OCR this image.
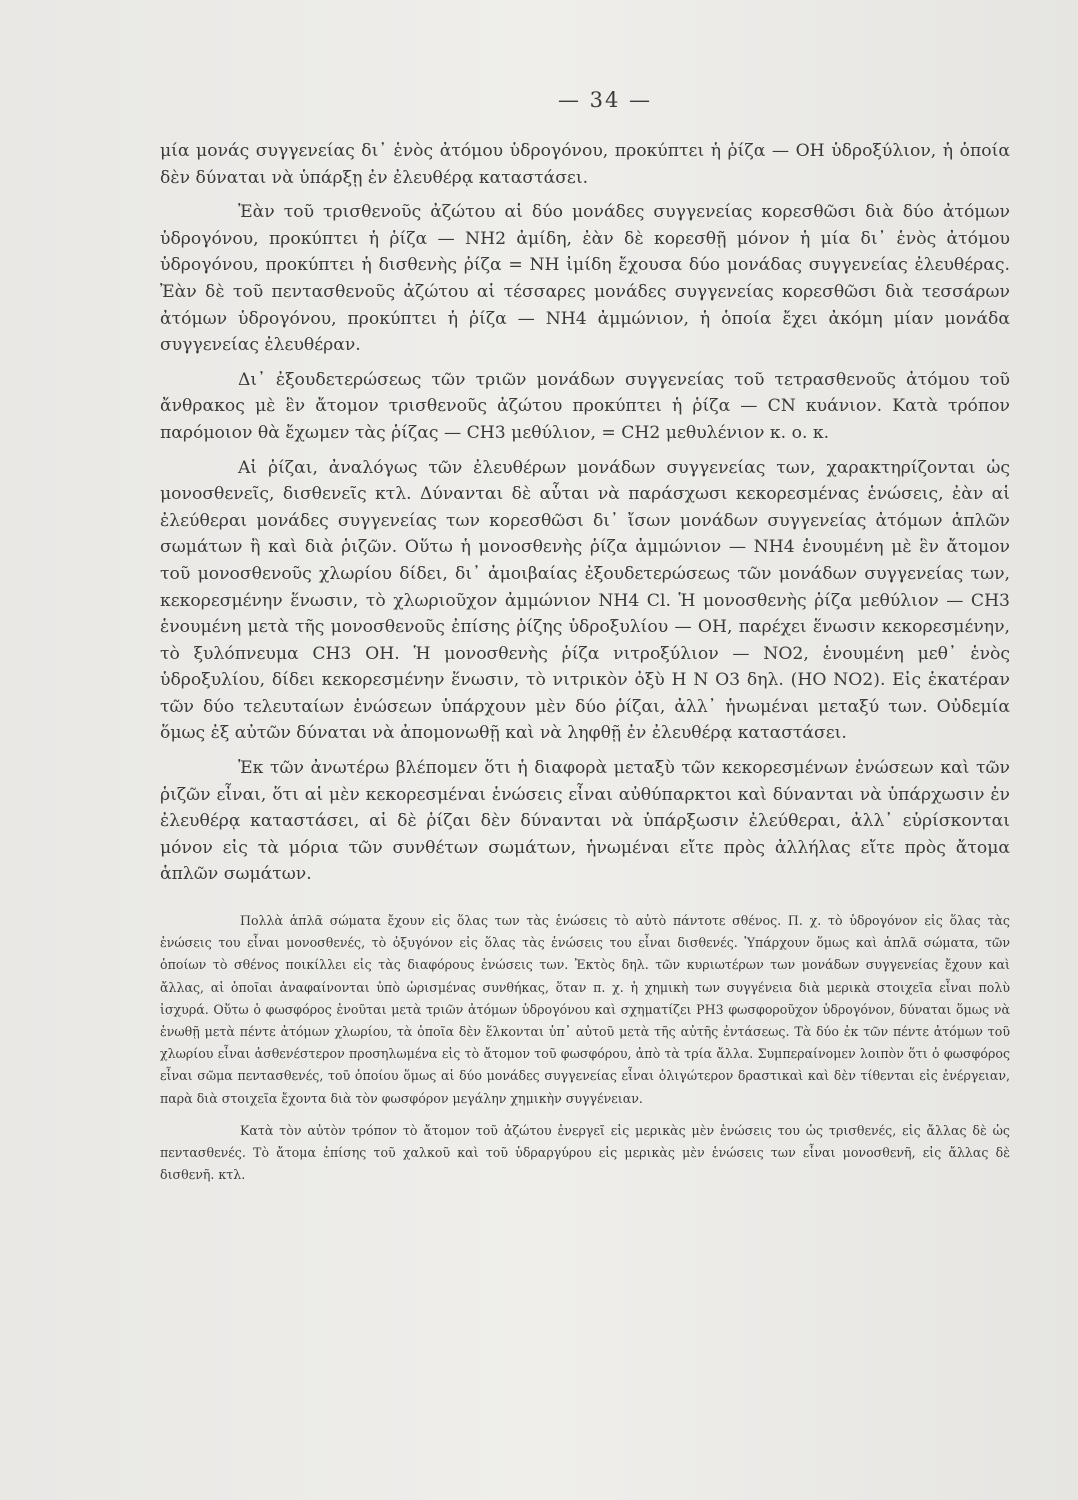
— 34 —

μία μονάς συγγενείας δι᾽ ἑνὸς ἀτόμου ὑδρογόνου, προκύπτει ἡ ῥίζα — ΟΗ ὑδροξύλιον, ἡ ὁποία δὲν δύναται νὰ ὑπάρξῃ ἐν ἐλευθέρᾳ καταστάσει.

Ἐὰν τοῦ τρισθενοῦς ἀζώτου αἱ δύο μονάδες συγγενείας κορεσθῶσι διὰ δύο ἀτόμων ὑδρογόνου, προκύπτει ἡ ῥίζα — ΝΗ2 ἀμίδη, ἐὰν δὲ κορεσθῇ μόνον ἡ μία δι᾽ ἑνὸς ἀτόμου ὑδρογόνου, προκύπτει ἡ δισθενὴς ῥίζα = ΝΗ ἰμίδη ἔχουσα δύο μονάδας συγγενείας ἐλευθέρας. Ἐὰν δὲ τοῦ πεντασθενοῦς ἀζώτου αἱ τέσσαρες μονάδες συγγενείας κορεσθῶσι διὰ τεσσάρων ἀτόμων ὑδρογόνου, προκύπτει ἡ ῥίζα — ΝΗ4 ἀμμώνιον, ἡ ὁποία ἔχει ἀκόμη μίαν μονάδα συγγενείας ἐλευθέραν.

Δι᾽ ἐξουδετερώσεως τῶν τριῶν μονάδων συγγενείας τοῦ τετρασθενοῦς ἀτόμου τοῦ ἄνθρακος μὲ ἓν ἄτομον τρισθενοῦς ἀζώτου προκύπτει ἡ ῥίζα — CN κυάνιον. Κατὰ τρόπον παρόμοιον θὰ ἔχωμεν τὰς ῥίζας — CH3 μεθύλιον, = CH2 μεθυλένιον κ. ο. κ.

Αἱ ῥίζαι, ἀναλόγως τῶν ἐλευθέρων μονάδων συγγενείας των, χαρακτηρίζονται ὡς μονοσθενεῖς, δισθενεῖς κτλ. Δύνανται δὲ αὗται νὰ παράσχωσι κεκορεσμένας ἑνώσεις, ἐὰν αἱ ἐλεύθεραι μονάδες συγγενείας των κορεσθῶσι δι᾽ ἴσων μονάδων συγγενείας ἀτόμων ἁπλῶν σωμάτων ἢ καὶ διὰ ῥιζῶν. Οὕτω ἡ μονοσθενὴς ῥίζα ἀμμώνιον — ΝΗ4 ἑνουμένη μὲ ἓν ἄτομον τοῦ μονοσθενοῦς χλωρίου δίδει, δι᾽ ἀμοιβαίας ἐξουδετερώσεως τῶν μονάδων συγγενείας των, κεκορεσμένην ἕνωσιν, τὸ χλωριοῦχον ἀμμώνιον ΝΗ4 Cl. Ἡ μονοσθενὴς ῥίζα μεθύλιον — CH3 ἑνουμένη μετὰ τῆς μονοσθενοῦς ἐπίσης ῥίζης ὑδροξυλίου — ΟΗ, παρέχει ἕνωσιν κεκορεσμένην, τὸ ξυλόπνευμα CH3 OH. Ἡ μονοσθενὴς ῥίζα νιτροξύλιον — ΝΟ2, ἑνουμένη μεθ᾽ ἑνὸς ὑδροξυλίου, δίδει κεκορεσμένην ἕνωσιν, τὸ νιτρικὸν ὀξὺ H N O3 δηλ. (HO NO2). Εἰς ἑκατέραν τῶν δύο τελευταίων ἑνώσεων ὑπάρχουν μὲν δύο ῥίζαι, ἀλλ᾽ ἡνωμέναι μεταξύ των. Οὐδεμία ὅμως ἐξ αὐτῶν δύναται νὰ ἀπομονωθῇ καὶ νὰ ληφθῇ ἐν ἐλευθέρᾳ καταστάσει.

Ἐκ τῶν ἀνωτέρω βλέπομεν ὅτι ἡ διαφορὰ μεταξὺ τῶν κεκορεσμένων ἑνώσεων καὶ τῶν ῥιζῶν εἶναι, ὅτι αἱ μὲν κεκορεσμέναι ἑνώσεις εἶναι αὐθύπαρκτοι καὶ δύνανται νὰ ὑπάρχωσιν ἐν ἐλευθέρᾳ καταστάσει, αἱ δὲ ῥίζαι δὲν δύνανται νὰ ὑπάρξωσιν ἐλεύθεραι, ἀλλ᾽ εὑρίσκονται μόνον εἰς τὰ μόρια τῶν συνθέτων σωμάτων, ἡνωμέναι εἴτε πρὸς ἀλλήλας εἴτε πρὸς ἄτομα ἁπλῶν σωμάτων.

Πολλὰ ἁπλᾶ σώματα ἔχουν εἰς ὅλας των τὰς ἑνώσεις τὸ αὐτὸ πάντοτε σθένος. Π. χ. τὸ ὑδρογόνον εἰς ὅλας τὰς ἑνώσεις του εἶναι μονοσθενές, τὸ ὀξυγόνον εἰς ὅλας τὰς ἑνώσεις του εἶναι δισθενές. Ὑπάρχουν ὅμως καὶ ἁπλᾶ σώματα, τῶν ὁποίων τὸ σθένος ποικίλλει εἰς τὰς διαφόρους ἑνώσεις των. Ἐκτὸς δηλ. τῶν κυριωτέρων των μονάδων συγγενείας ἔχουν καὶ ἄλλας, αἱ ὁποῖαι ἀναφαίνονται ὑπὸ ὡρισμένας συνθήκας, ὅταν π. χ. ἡ χημικὴ των συγγένεια διὰ μερικὰ στοιχεῖα εἶναι πολὺ ἰσχυρά. Οὕτω ὁ φωσφόρος ἑνοῦται μετὰ τριῶν ἀτόμων ὑδρογόνου καὶ σχηματίζει PH3 φωσφοροῦχον ὑδρογόνον, δύναται ὅμως νὰ ἑνωθῇ μετὰ πέντε ἀτόμων χλωρίου, τὰ ὁποῖα δὲν ἕλκονται ὑπ᾽ αὐτοῦ μετὰ τῆς αὐτῆς ἐντάσεως. Τὰ δύο ἐκ τῶν πέντε ἀτόμων τοῦ χλωρίου εἶναι ἀσθενέστερον προσηλωμένα εἰς τὸ ἄτομον τοῦ φωσφόρου, ἀπὸ τὰ τρία ἄλλα. Συμπεραίνομεν λοιπὸν ὅτι ὁ φωσφόρος εἶναι σῶμα πεντασθενές, τοῦ ὁποίου ὅμως αἱ δύο μονάδες συγγενείας εἶναι ὀλιγώτερον δραστικαὶ καὶ δὲν τίθενται εἰς ἐνέργειαν, παρὰ διὰ στοιχεῖα ἔχοντα διὰ τὸν φωσφόρον μεγάλην χημικὴν συγγένειαν.

Κατὰ τὸν αὐτὸν τρόπον τὸ ἄτομον τοῦ ἀζώτου ἐνεργεῖ εἰς μερικὰς μὲν ἑνώσεις του ὡς τρισθενές, εἰς ἄλλας δὲ ὡς πεντασθενές. Τὸ ἄτομα ἐπίσης τοῦ χαλκοῦ καὶ τοῦ ὑδραργύρου εἰς μερικὰς μὲν ἑνώσεις των εἶναι μονοσθενῆ, εἰς ἄλλας δὲ δισθενῆ. κτλ.
